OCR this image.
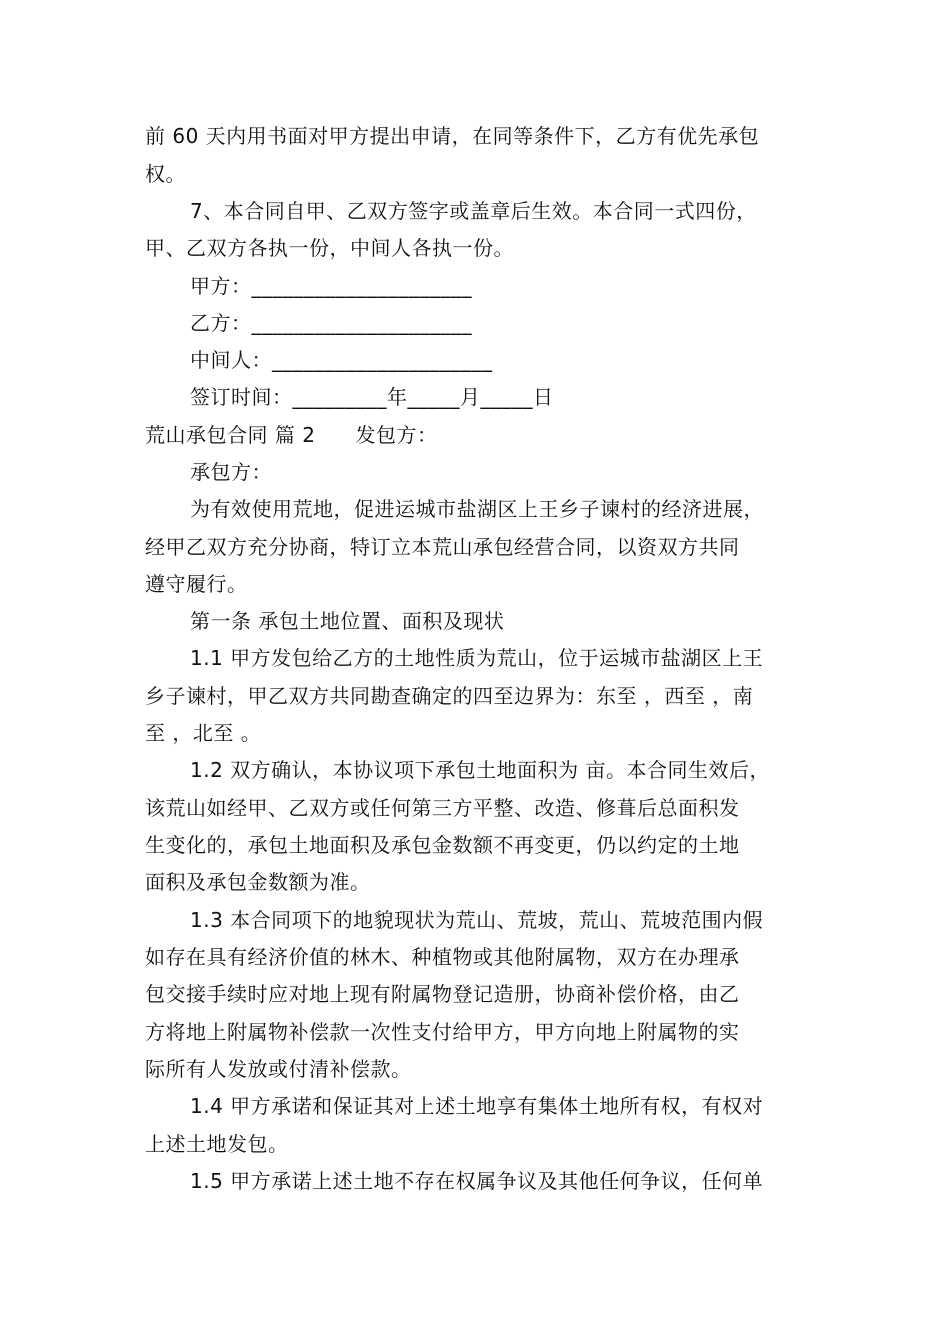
前 60 天内用书面对甲方提出申请，在同等条件下，乙方有优先承包
权。
7、本合同自甲、乙双方签字或盖章后生效。本合同一式四份，
甲、乙双方各执一份，中间人各执一份。
甲方：_____________________
乙方：_____________________
中间人：_____________________
签订时间：_________年_____月_____日
荒山承包合同 篇 2 发包方：
承包方：
为有效使用荒地，促进运城市盐湖区上王乡子谏村的经济进展，
经甲乙双方充分协商，特订立本荒山承包经营合同，以资双方共同
遵守履行。
第一条 承包土地位置、面积及现状
1.1 甲方发包给乙方的土地性质为荒山，位于运城市盐湖区上王
乡子谏村，甲乙双方共同勘查确定的四至边界为：东至 ，西至 ，南
至 ，北至 。
1.2 双方确认，本协议项下承包土地面积为 亩。本合同生效后，
该荒山如经甲、乙双方或任何第三方平整、改造、修葺后总面积发
生变化的，承包土地面积及承包金数额不再变更，仍以约定的土地
面积及承包金数额为准。
1.3 本合同项下的地貌现状为荒山、荒坡，荒山、荒坡范围内假
如存在具有经济价值的林木、种植物或其他附属物，双方在办理承
包交接手续时应对地上现有附属物登记造册，协商补偿价格，由乙
方将地上附属物补偿款一次性支付给甲方，甲方向地上附属物的实
际所有人发放或付清补偿款。
1.4 甲方承诺和保证其对上述土地享有集体土地所有权，有权对
上述土地发包。
1.5 甲方承诺上述土地不存在权属争议及其他任何争议，任何单
